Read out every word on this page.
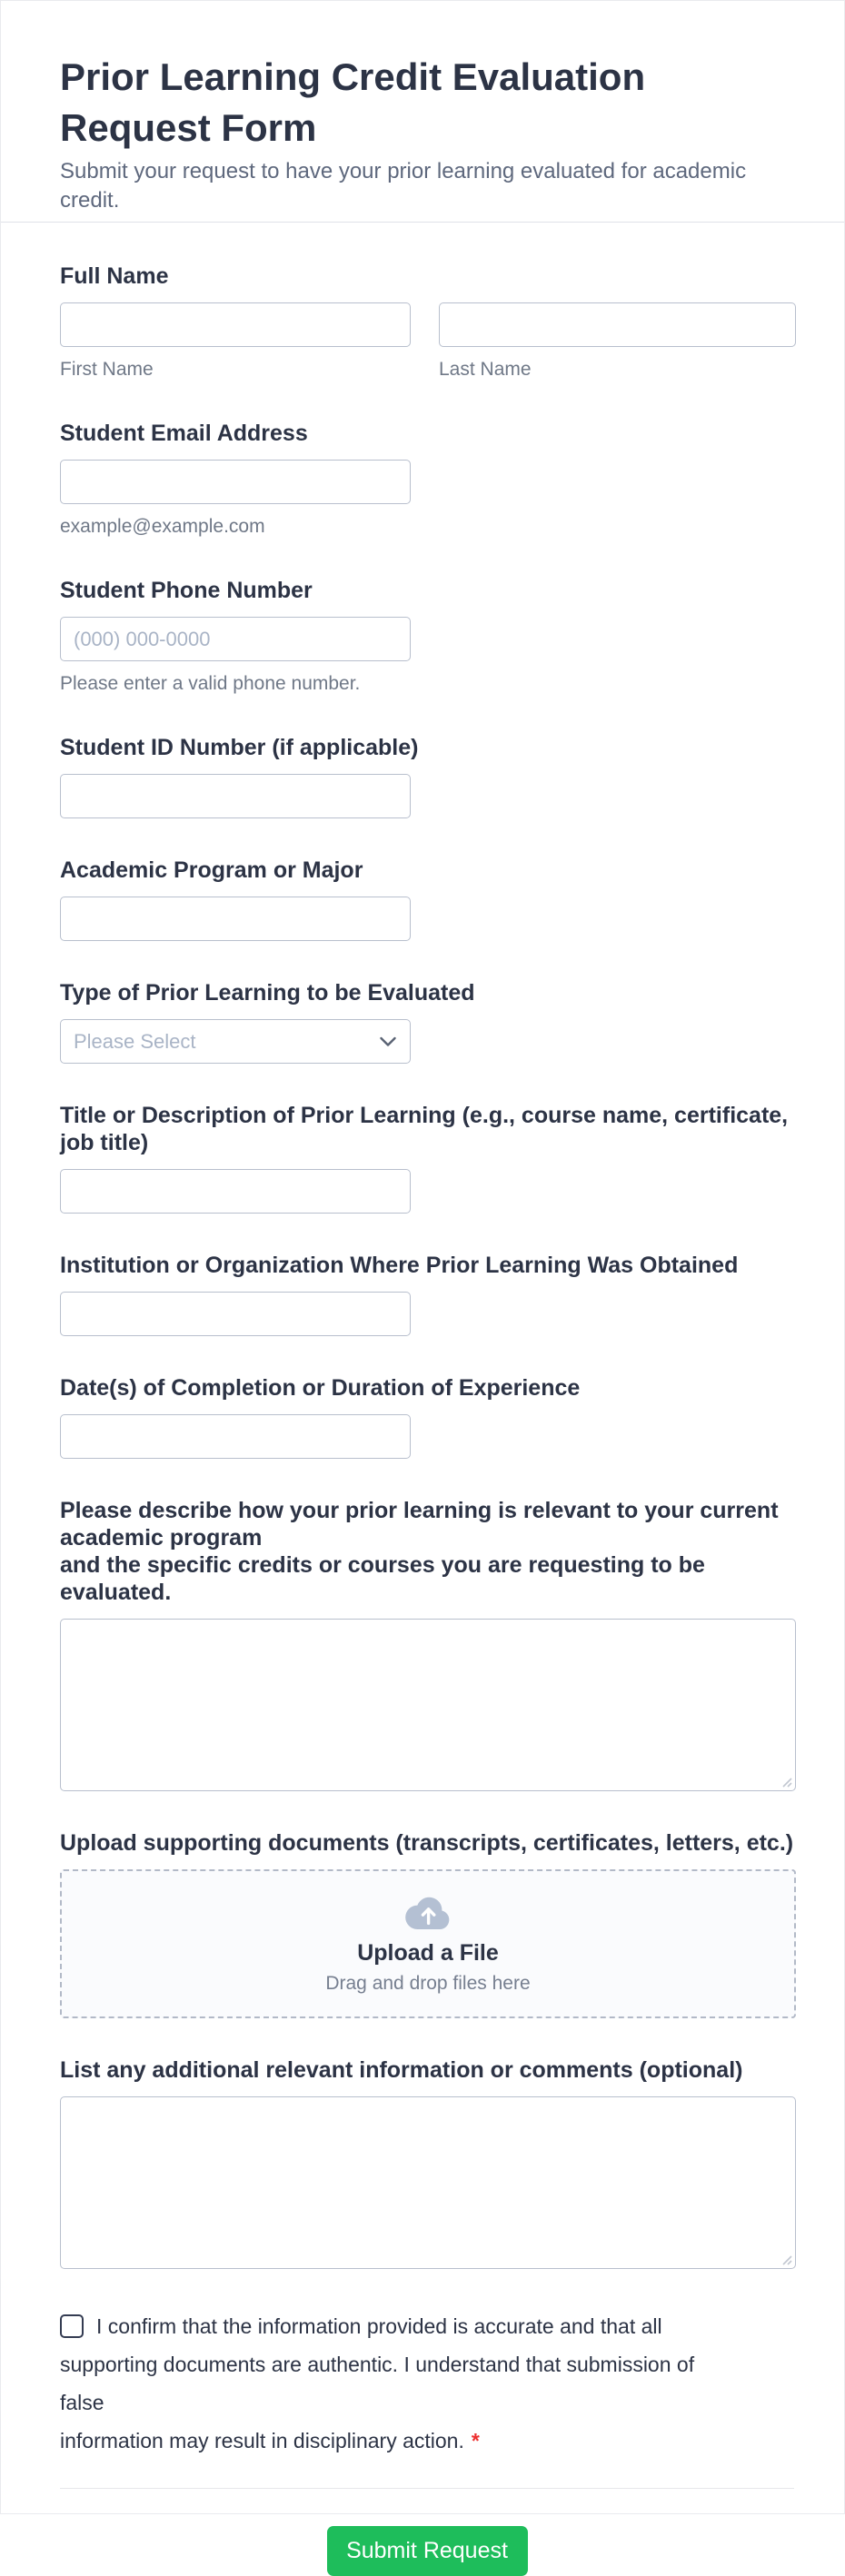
Prior Learning Credit Evaluation Request Form
Submit your request to have your prior learning evaluated for academic credit.
Full Name
First Name	Last Name
Student Email Address
example@example.com
Student Phone Number
(000) 000-0000
Please enter a valid phone number.
Student ID Number (if applicable)
Academic Program or Major
Type of Prior Learning to be Evaluated
Please Select
Title or Description of Prior Learning (e.g., course name, certificate, job title)
Institution or Organization Where Prior Learning Was Obtained
Date(s) of Completion or Duration of Experience
Please describe how your prior learning is relevant to your current academic program
and the specific credits or courses you are requesting to be evaluated.
Upload supporting documents (transcripts, certificates, letters, etc.)
Upload a File
Drag and drop files here
List any additional relevant information or comments (optional)
I confirm that the information provided is accurate and that all
supporting documents are authentic. I understand that submission of false
information may result in disciplinary action. *
Submit Request
